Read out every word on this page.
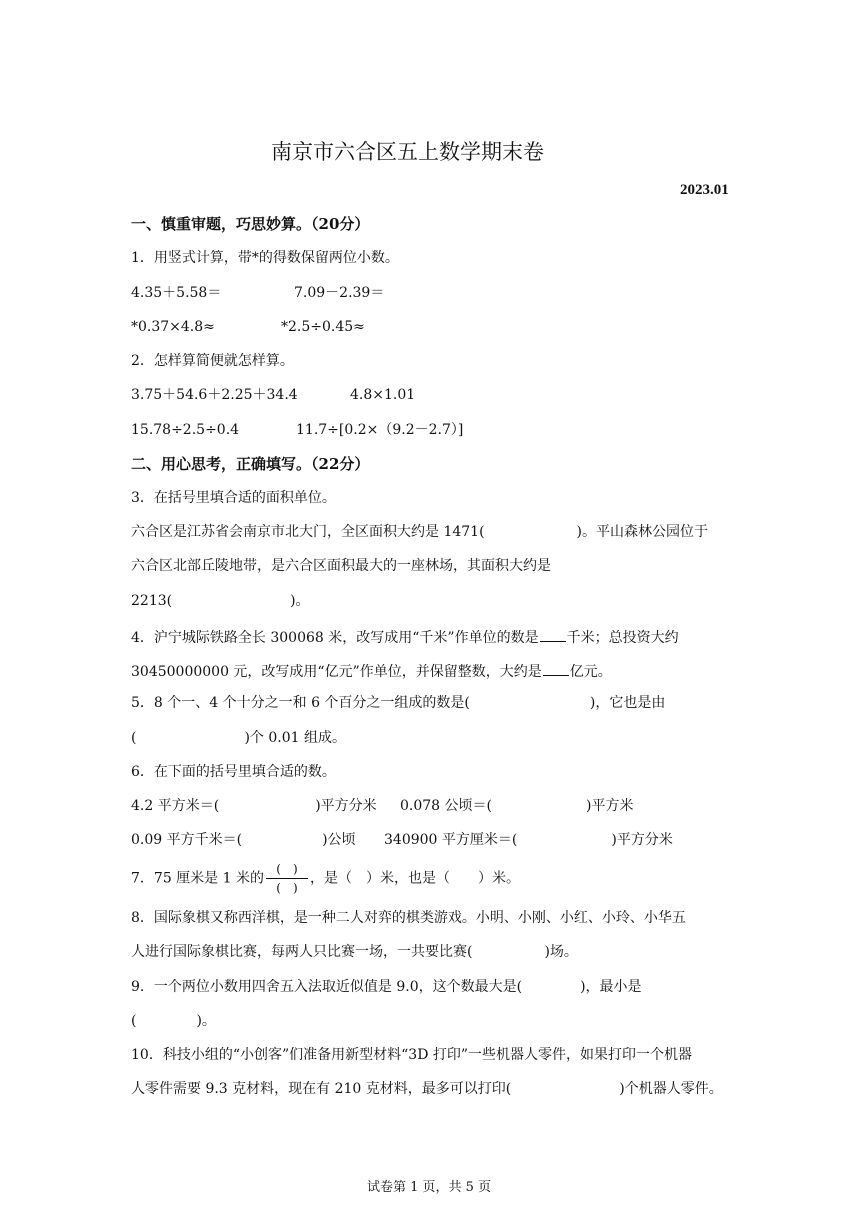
南京市六合区五上数学期末卷
2023.01
一、慎重审题，巧思妙算。（20分）
1．用竖式计算，带*的得数保留两位小数。
4.35＋5.58＝	7.09－2.39＝
*0.37×4.8≈	*2.5÷0.45≈
2．怎样算简便就怎样算。
3.75＋54.6＋2.25＋34.4	4.8×1.01
15.78÷2.5÷0.4	11.7÷[0.2×（9.2－2.7）]
二、用心思考，正确填写。（22分）
3．在括号里填合适的面积单位。
六合区是江苏省会南京市北大门，全区面积大约是 1471(	)。平山森林公园位于
六合区北部丘陵地带，是六合区面积最大的一座林场，其面积大约是
2213(	)。
4．沪宁城际铁路全长 300068 米，改写成用“千米”作单位的数是 千米；总投资大约
30450000000 元，改写成用“亿元”作单位，并保留整数，大约是 亿元。
5．8 个一、4 个十分之一和 6 个百分之一组成的数是(	)，它也是由
(	)个 0.01 组成。
6．在下面的括号里填合适的数。
4.2 平方米＝(	)平方分米 0.078 公顷＝(	)平方米
0.09 平方千米＝(	)公顷 340900 平方厘米＝(	)平方分米
7．75 厘米是 1 米的 $\frac{( )}{( )}$ ，是（　）米，也是（　　）米。
8．国际象棋又称西洋棋，是一种二人对弈的棋类游戏。小明、小刚、小红、小玲、小华五
人进行国际象棋比赛，每两人只比赛一场，一共要比赛(	)场。
9．一个两位小数用四舍五入法取近似值是 9.0，这个数最大是(	)，最小是
(	)。
10．科技小组的“小创客”们准备用新型材料“3D 打印”一些机器人零件，如果打印一个机器
人零件需要 9.3 克材料，现在有 210 克材料，最多可以打印(	)个机器人零件。
试卷第 1 页，共 5 页
